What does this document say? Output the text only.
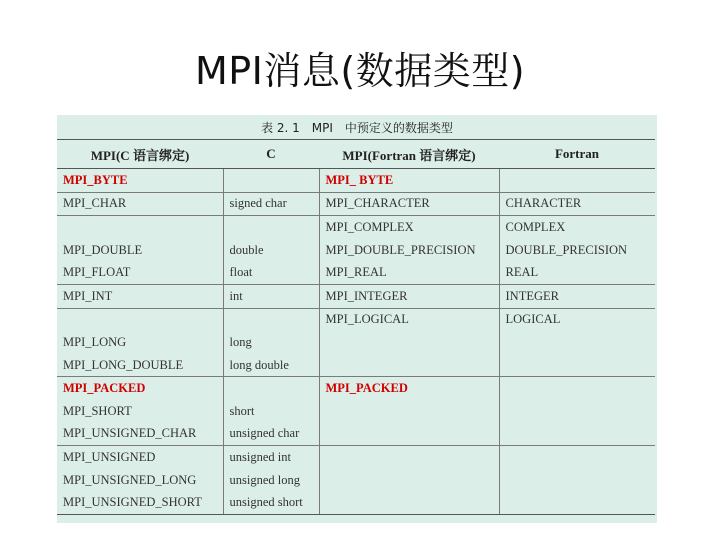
MPI消息(数据类型)
表 2. 1　MPI　中预定义的数据类型
MPI(C 语言绑定)	C	MPI(Fortran 语言绑定)	Fortran
MPI_BYTE		MPI_ BYTE	
MPI_CHAR	signed char	MPI_CHARACTER	CHARACTER
		MPI_COMPLEX	COMPLEX
MPI_DOUBLE	double	MPI_DOUBLE_PRECISION	DOUBLE_PRECISION
MPI_FLOAT	float	MPI_REAL	REAL
MPI_INT	int	MPI_INTEGER	INTEGER
		MPI_LOGICAL	LOGICAL
MPI_LONG	long		
MPI_LONG_DOUBLE	long double		
MPI_PACKED		MPI_PACKED	
MPI_SHORT	short		
MPI_UNSIGNED_CHAR	unsigned char		
MPI_UNSIGNED	unsigned int		
MPI_UNSIGNED_LONG	unsigned long		
MPI_UNSIGNED_SHORT	unsigned short		
